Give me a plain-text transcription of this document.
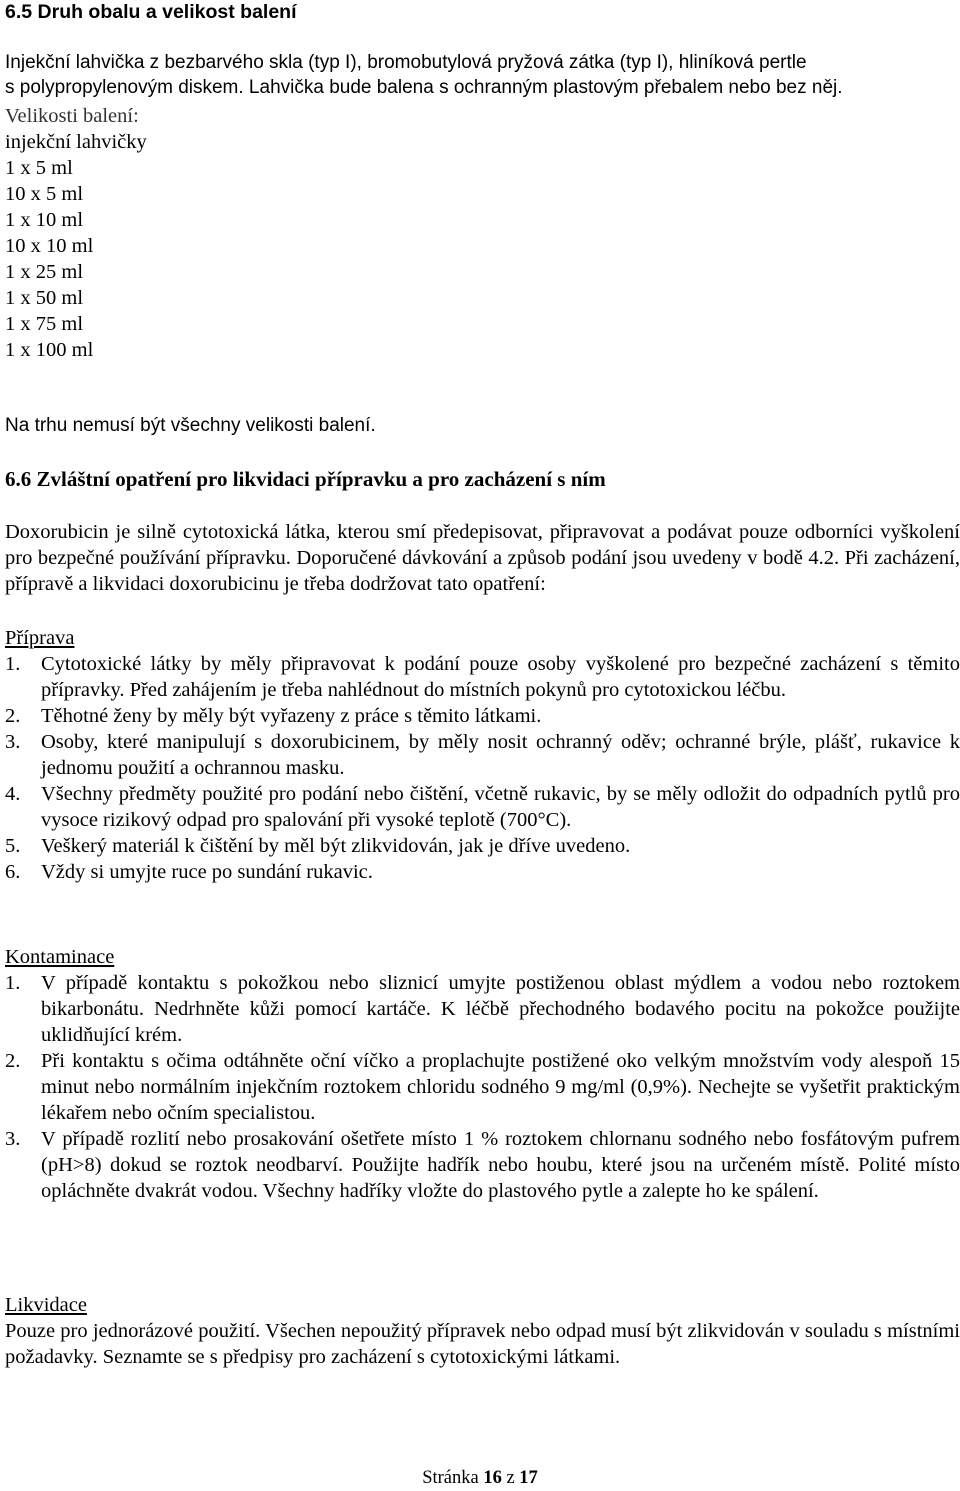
6.5 Druh obalu a velikost balení
Injekční lahvička z bezbarvého skla (typ I), bromobutylová pryžová zátka (typ I), hliníková pertle
s polypropylenovým diskem. Lahvička bude balena s ochranným plastovým přebalem nebo bez něj.
Velikosti balení:
injekční lahvičky
1 x 5 ml
10 x 5 ml
1 x 10 ml
10 x 10 ml
1 x 25 ml
1 x 50 ml
1 x 75 ml
1 x 100 ml
Na trhu nemusí být všechny velikosti balení.
6.6 Zvláštní opatření pro likvidaci přípravku a pro zacházení s ním
Doxorubicin je silně cytotoxická látka, kterou smí předepisovat, připravovat a podávat pouze odborníci vyškolení pro bezpečné používání přípravku. Doporučené dávkování a způsob podání jsou uvedeny v bodě 4.2. Při zacházení, přípravě a likvidaci doxorubicinu je třeba dodržovat tato opatření:
Příprava
1. Cytotoxické látky by měly připravovat k podání pouze osoby vyškolené pro bezpečné zacházení s těmito přípravky. Před zahájením je třeba nahlédnout do místních pokynů pro cytotoxickou léčbu.
2. Těhotné ženy by měly být vyřazeny z práce s těmito látkami.
3. Osoby, které manipulují s doxorubicinem, by měly nosit ochranný oděv; ochranné brýle, plášť, rukavice k jednomu použití a ochrannou masku.
4. Všechny předměty použité pro podání nebo čištění, včetně rukavic, by se měly odložit do odpadních pytlů pro vysoce rizikový odpad pro spalování při vysoké teplotě (700°C).
5. Veškerý materiál k čištění by měl být zlikvidován, jak je dříve uvedeno.
6. Vždy si umyjte ruce po sundání rukavic.
Kontaminace
1. V případě kontaktu s pokožkou nebo sliznicí umyjte postiženou oblast mýdlem a vodou nebo roztokem bikarbonátu. Nedrhněte kůži pomocí kartáče. K léčbě přechodného bodavého pocitu na pokožce použijte uklidňující krém.
2. Při kontaktu s očima odtáhněte oční víčko a proplachujte postižené oko velkým množstvím vody alespoň 15 minut nebo normálním injekčním roztokem chloridu sodného 9 mg/ml (0,9%). Nechejte se vyšetřit praktickým lékařem nebo očním specialistou.
3. V případě rozlití nebo prosakování ošetřete místo 1 % roztokem chlornanu sodného nebo fosfátovým pufrem (pH>8) dokud se roztok neodbarví. Použijte hadřík nebo houbu, které jsou na určeném místě. Polité místo opláchněte dvakrát vodou. Všechny hadříky vložte do plastového pytle a zalepte ho ke spálení.
Likvidace
Pouze pro jednorázové použití. Všechen nepoužitý přípravek nebo odpad musí být zlikvidován v souladu s místními požadavky. Seznamte se s předpisy pro zacházení s cytotoxickými látkami.
Stránka 16 z 17
